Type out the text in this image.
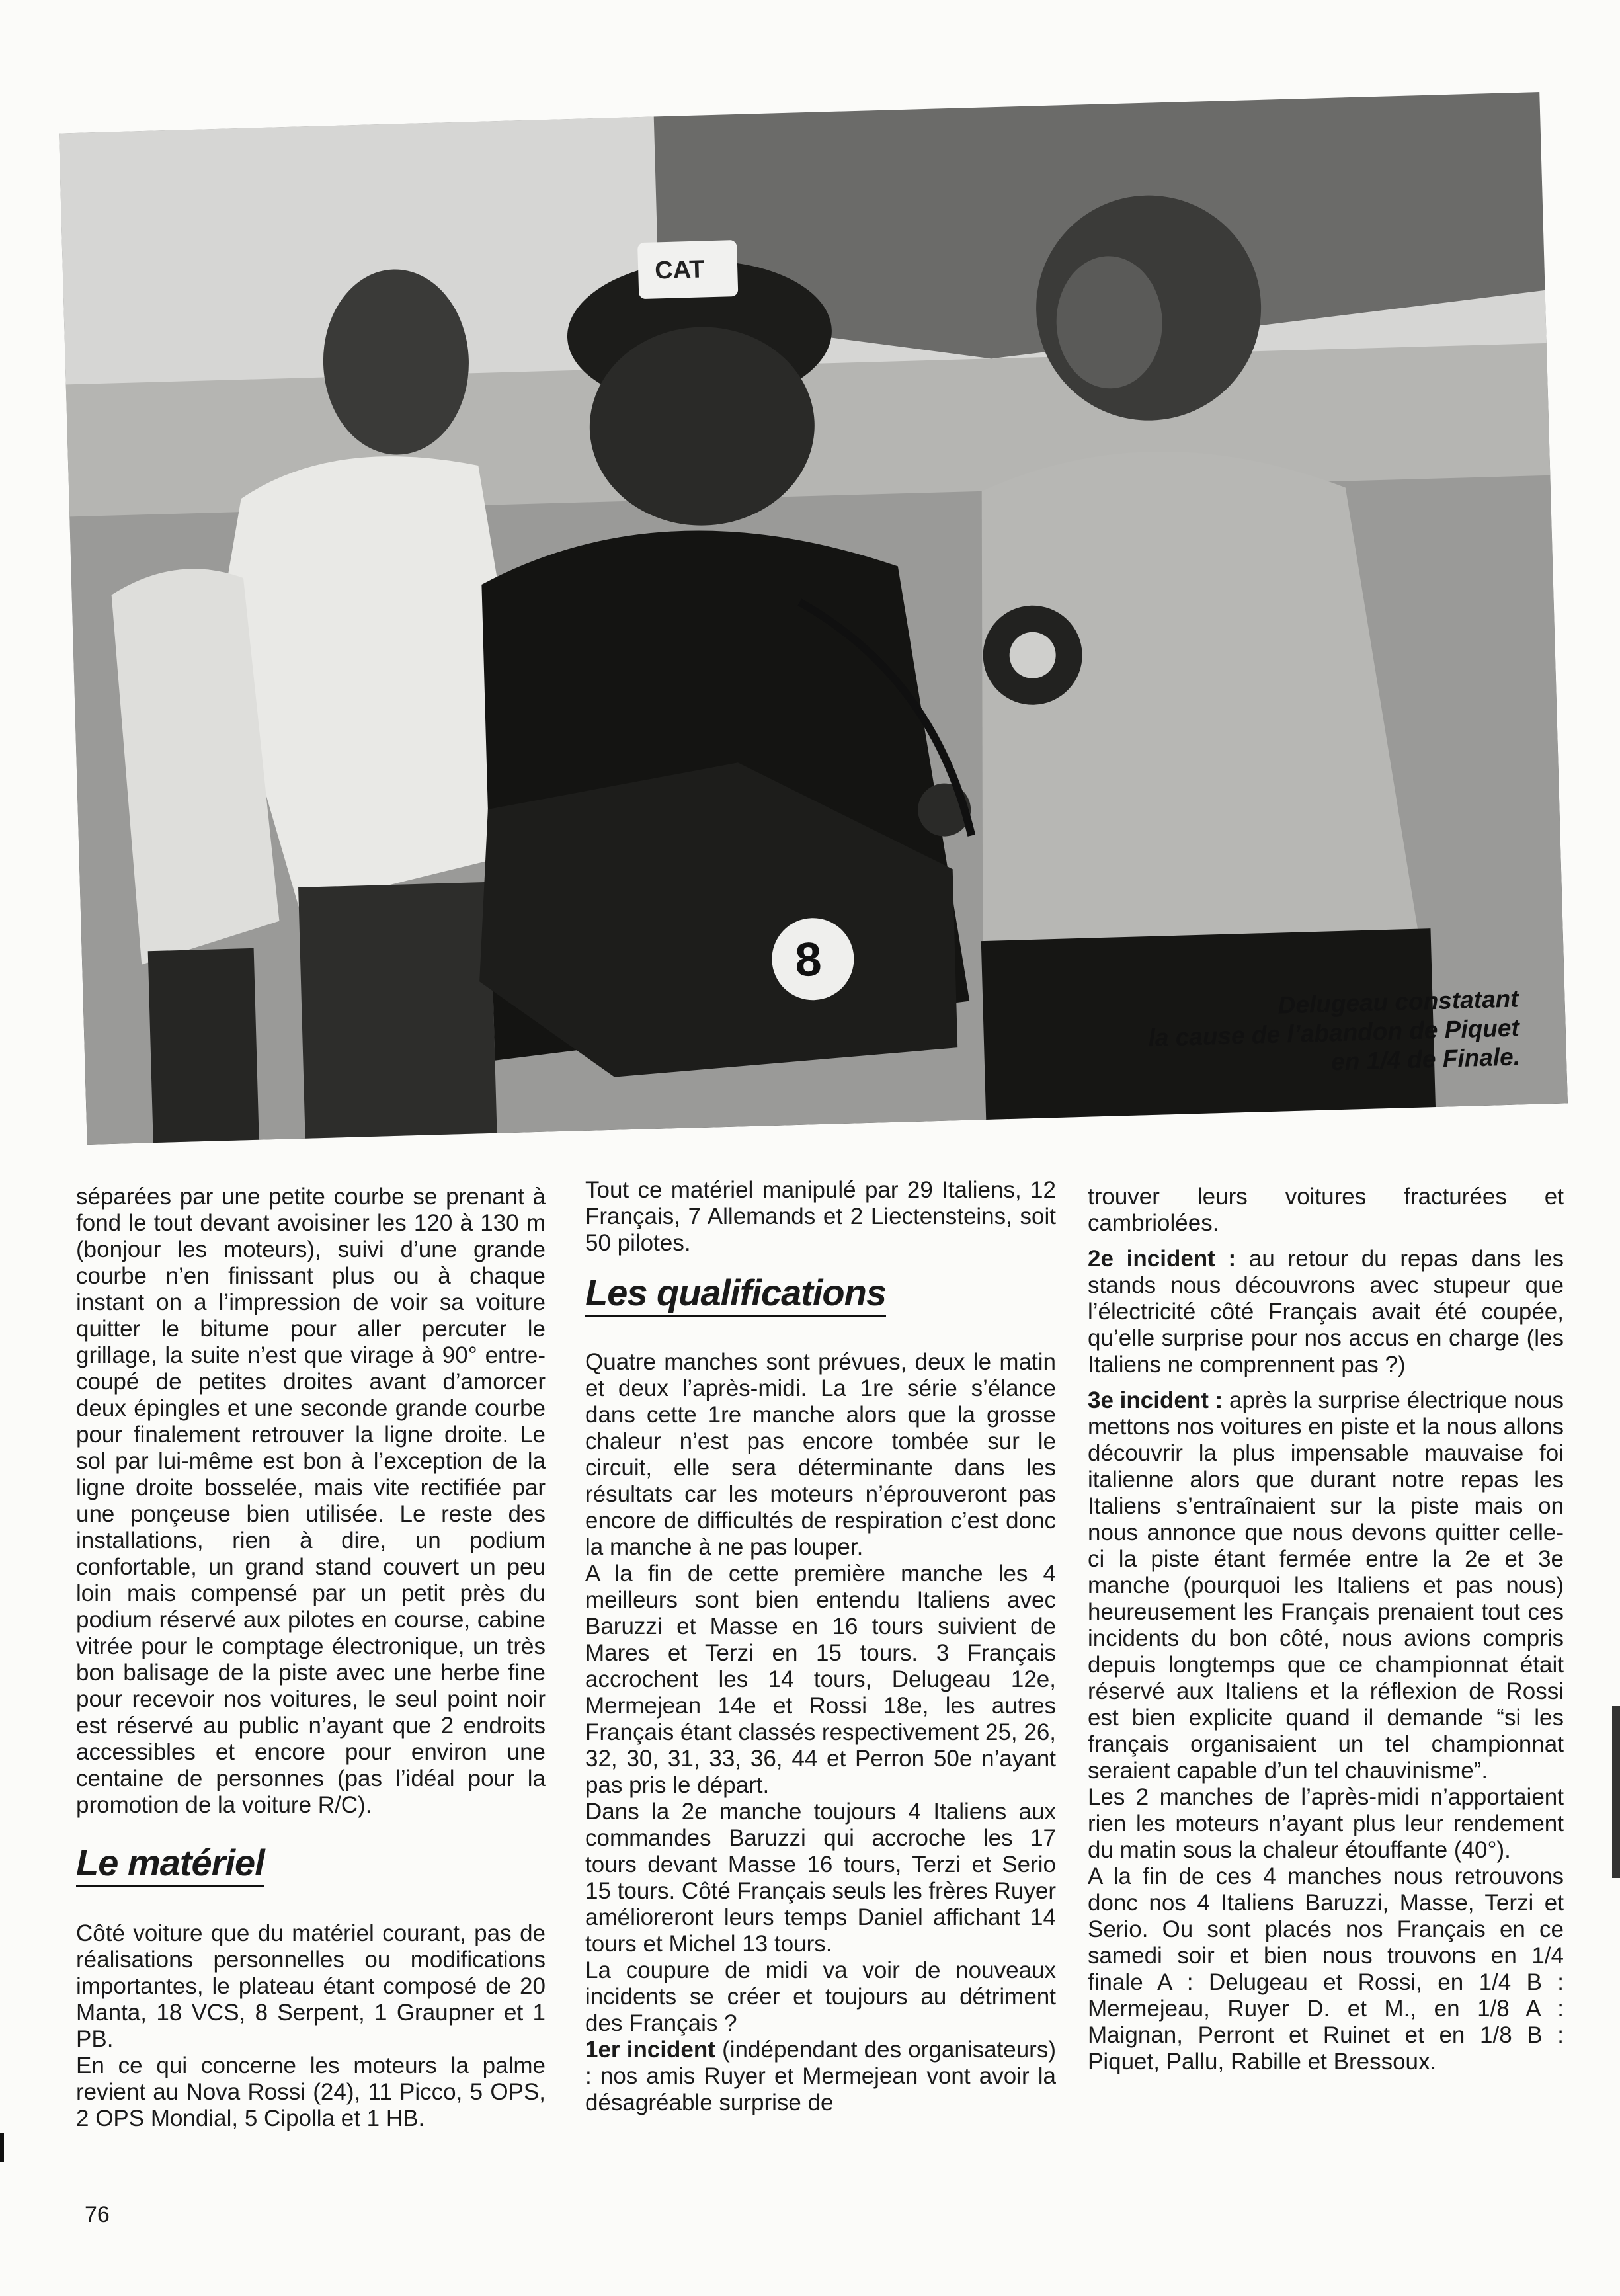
8
CAT
Delugeau constatant
la cause de l’abandon de Piquet
en 1/4 de Finale.

séparées par une petite courbe se prenant à fond le tout devant avoisiner les 120 à 130 m (bonjour les moteurs), suivi d’une grande courbe n’en finissant plus ou à chaque instant on a l’impression de voir sa voiture quitter le bitume pour aller percuter le grillage, la suite n’est que virage à 90° entre-coupé de petites droites avant d’amorcer deux épingles et une seconde grande courbe pour finalement retrouver la ligne droite. Le sol par lui-même est bon à l’exception de la ligne droite bosselée, mais vite rectifiée par une ponçeuse bien utilisée. Le reste des installations, rien à dire, un podium confortable, un grand stand couvert un peu loin mais compensé par un petit près du podium réservé aux pilotes en course, cabine vitrée pour le comptage électronique, un très bon balisage de la piste avec une herbe fine pour recevoir nos voitures, le seul point noir est réservé au public n’ayant que 2 endroits accessibles et encore pour environ une centaine de personnes (pas l’idéal pour la promotion de la voiture R/C).

Le matériel

Côté voiture que du matériel courant, pas de réalisations personnelles ou modifications importantes, le plateau étant composé de 20 Manta, 18 VCS, 8 Serpent, 1 Graupner et 1 PB.

En ce qui concerne les moteurs la palme revient au Nova Rossi (24), 11 Picco, 5 OPS, 2 OPS Mondial, 5 Cipolla et 1 HB.

Tout ce matériel manipulé par 29 Italiens, 12 Français, 7 Allemands et 2 Liectensteins, soit 50 pilotes.

Les qualifications

Quatre manches sont prévues, deux le matin et deux l’après-midi. La 1re série s’élance dans cette 1re manche alors que la grosse chaleur n’est pas encore tombée sur le circuit, elle sera déterminante dans les résultats car les moteurs n’éprouveront pas encore de difficultés de respiration c’est donc la manche à ne pas louper.

A la fin de cette première manche les 4 meilleurs sont bien entendu Italiens avec Baruzzi et Masse en 16 tours suivient de Mares et Terzi en 15 tours. 3 Français accrochent les 14 tours, Delugeau 12e, Mermejean 14e et Rossi 18e, les autres Français étant classés respectivement 25, 26, 32, 30, 31, 33, 36, 44 et Perron 50e n’ayant pas pris le départ.

Dans la 2e manche toujours 4 Italiens aux commandes Baruzzi qui accroche les 17 tours devant Masse 16 tours, Terzi et Serio 15 tours. Côté Français seuls les frères Ruyer amélioreront leurs temps Daniel affichant 14 tours et Michel 13 tours.

La coupure de midi va voir de nouveaux incidents se créer et toujours au détriment des Français ?

1er incident (indépendant des organisateurs) : nos amis Ruyer et Mermejean vont avoir la désagréable surprise de

trouver leurs voitures fracturées et cambriolées.

2e incident : au retour du repas dans les stands nous découvrons avec stupeur que l’électricité côté Français avait été coupée, qu’elle surprise pour nos accus en charge (les Italiens ne comprennent pas ?)

3e incident : après la surprise électrique nous mettons nos voitures en piste et la nous allons découvrir la plus impensable mauvaise foi italienne alors que durant notre repas les Italiens s’entraînaient sur la piste mais on nous annonce que nous devons quitter celle-ci la piste étant fermée entre la 2e et 3e manche (pourquoi les Italiens et pas nous) heureusement les Français prenaient tout ces incidents du bon côté, nous avions compris depuis longtemps que ce championnat était réservé aux Italiens et la réflexion de Rossi est bien explicite quand il demande “si les français organisaient un tel championnat seraient capable d’un tel chauvinisme”.

Les 2 manches de l’après-midi n’apportaient rien les moteurs n’ayant plus leur rendement du matin sous la chaleur étouffante (40°).

A la fin de ces 4 manches nous retrouvons donc nos 4 Italiens Baruzzi, Masse, Terzi et Serio. Ou sont placés nos Français en ce samedi soir et bien nous trouvons en 1/4 finale A : Delugeau et Rossi, en 1/4 B : Mermejeau, Ruyer D. et M., en 1/8 A : Maignan, Perront et Ruinet et en 1/8 B : Piquet, Pallu, Rabille et Bressoux.

76
